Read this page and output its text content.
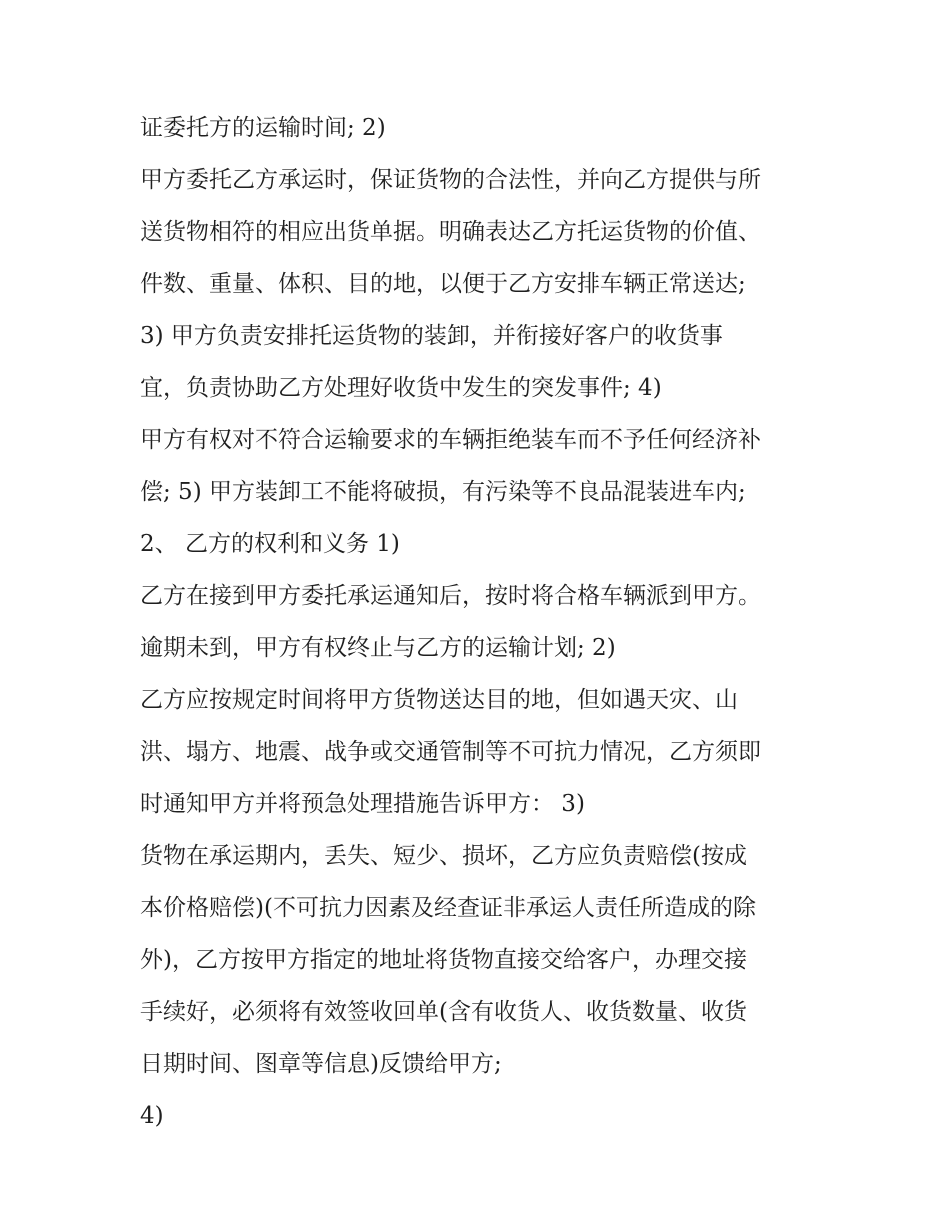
证委托方的运输时间; 2)
甲方委托乙方承运时，保证货物的合法性，并向乙方提供与所
送货物相符的相应出货单据。明确表达乙方托运货物的价值、
件数、重量、体积、目的地，以便于乙方安排车辆正常送达;
3) 甲方负责安排托运货物的装卸，并衔接好客户的收货事
宜，负责协助乙方处理好收货中发生的突发事件; 4)
甲方有权对不符合运输要求的车辆拒绝装车而不予任何经济补
偿; 5) 甲方装卸工不能将破损，有污染等不良品混装进车内;
2、 乙方的权利和义务 1)
乙方在接到甲方委托承运通知后，按时将合格车辆派到甲方。
逾期未到，甲方有权终止与乙方的运输计划; 2)
乙方应按规定时间将甲方货物送达目的地，但如遇天灾、山
洪、塌方、地震、战争或交通管制等不可抗力情况，乙方须即
时通知甲方并将预急处理措施告诉甲方： 3)
货物在承运期内，丢失、短少、损坏，乙方应负责赔偿(按成
本价格赔偿)(不可抗力因素及经查证非承运人责任所造成的除
外)，乙方按甲方指定的地址将货物直接交给客户，办理交接
手续好，必须将有效签收回单(含有收货人、收货数量、收货
日期时间、图章等信息)反馈给甲方;
4)
